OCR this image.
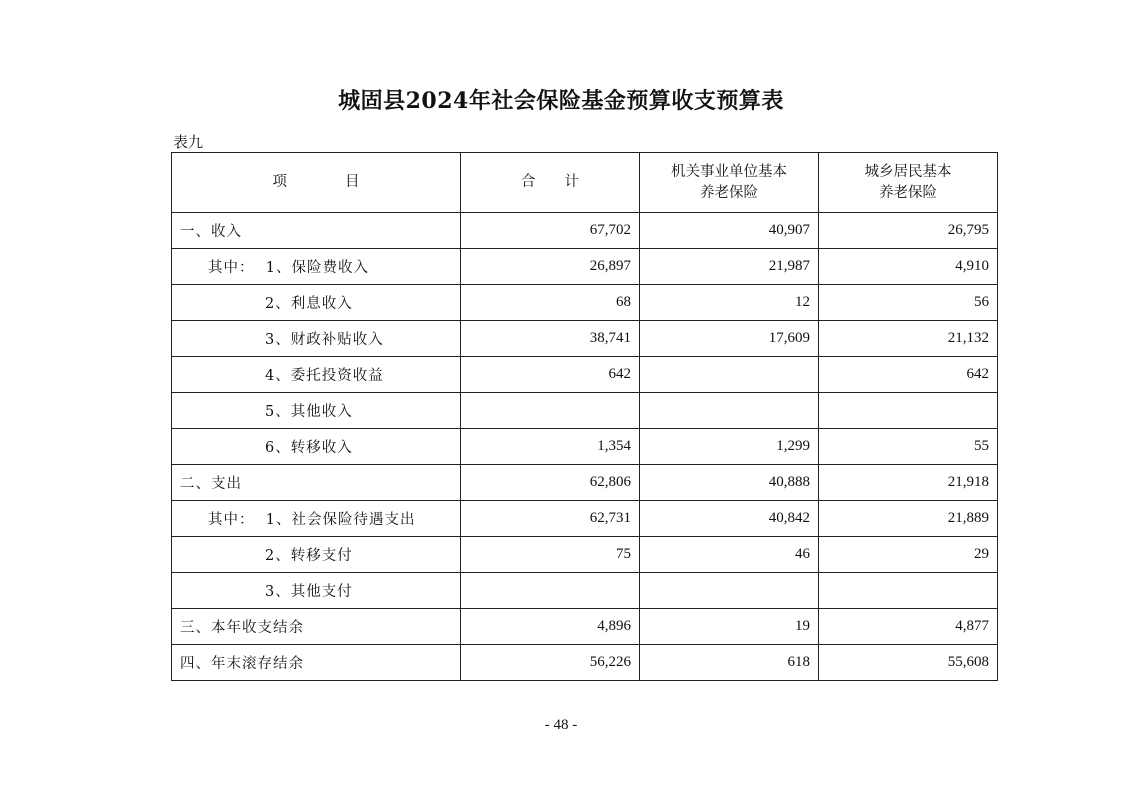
城固县2024年社会保险基金预算收支预算表
表九
项　　　　目	合　　计	机关事业单位基本养老保险	城乡居民基本养老保险
一、收入	67,702	40,907	26,795
其中：  1、保险费收入	26,897	21,987	4,910
2、利息收入	68	12	56
3、财政补贴收入	38,741	17,609	21,132
4、委托投资收益	642		642
5、其他收入			
6、转移收入	1,354	1,299	55
二、支出	62,806	40,888	21,918
其中：  1、社会保险待遇支出	62,731	40,842	21,889
2、转移支付	75	46	29
3、其他支付			
三、本年收支结余	4,896	19	4,877
四、年末滚存结余	56,226	618	55,608
- 48 -
